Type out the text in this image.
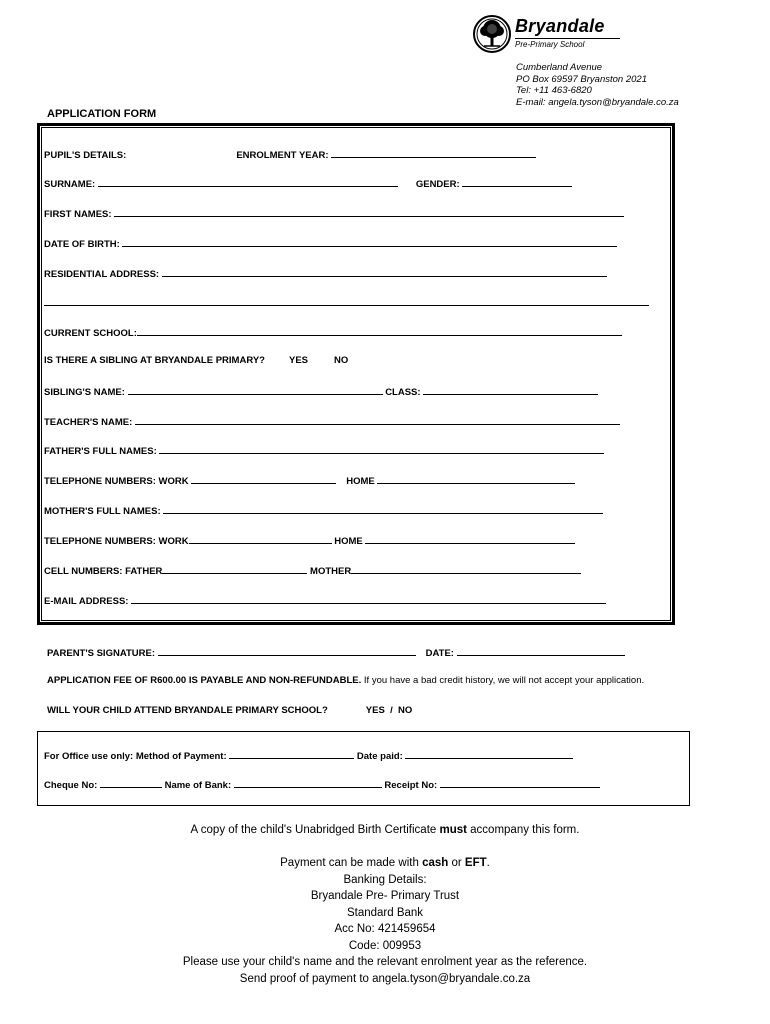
Bryandale
Pre-Primary School
Cumberland Avenue
PO Box 69597 Bryanston 2021
Tel: +11 463-6820
E-mail: angela.tyson@bryandale.co.za
APPLICATION FORM
PUPIL'S DETAILS:	ENROLMENT YEAR:
SURNAME:	GENDER:
FIRST NAMES:
DATE OF BIRTH:
RESIDENTIAL ADDRESS:
CURRENT SCHOOL:
IS THERE A SIBLING AT BRYANDALE PRIMARY?	YES	NO
SIBLING'S NAME:	CLASS:
TEACHER'S NAME:
FATHER'S FULL NAMES:
TELEPHONE NUMBERS: WORK	HOME
MOTHER'S FULL NAMES:
TELEPHONE NUMBERS: WORK	HOME
CELL NUMBERS: FATHER	MOTHER
E-MAIL ADDRESS:
PARENT'S SIGNATURE:	DATE:
APPLICATION FEE OF R600.00 IS PAYABLE AND NON-REFUNDABLE. If you have a bad credit history, we will not accept your application.
WILL YOUR CHILD ATTEND BRYANDALE PRIMARY SCHOOL?	YES  /  NO
For Office use only: Method of Payment:	Date paid:
Cheque No:	Name of Bank:	Receipt No:
A copy of the child's Unabridged Birth Certificate must accompany this form.
Payment can be made with cash or EFT.
Banking Details:
Bryandale Pre- Primary Trust
Standard Bank
Acc No: 421459654
Code: 009953
Please use your child's name and the relevant enrolment year as the reference.
Send proof of payment to angela.tyson@bryandale.co.za
